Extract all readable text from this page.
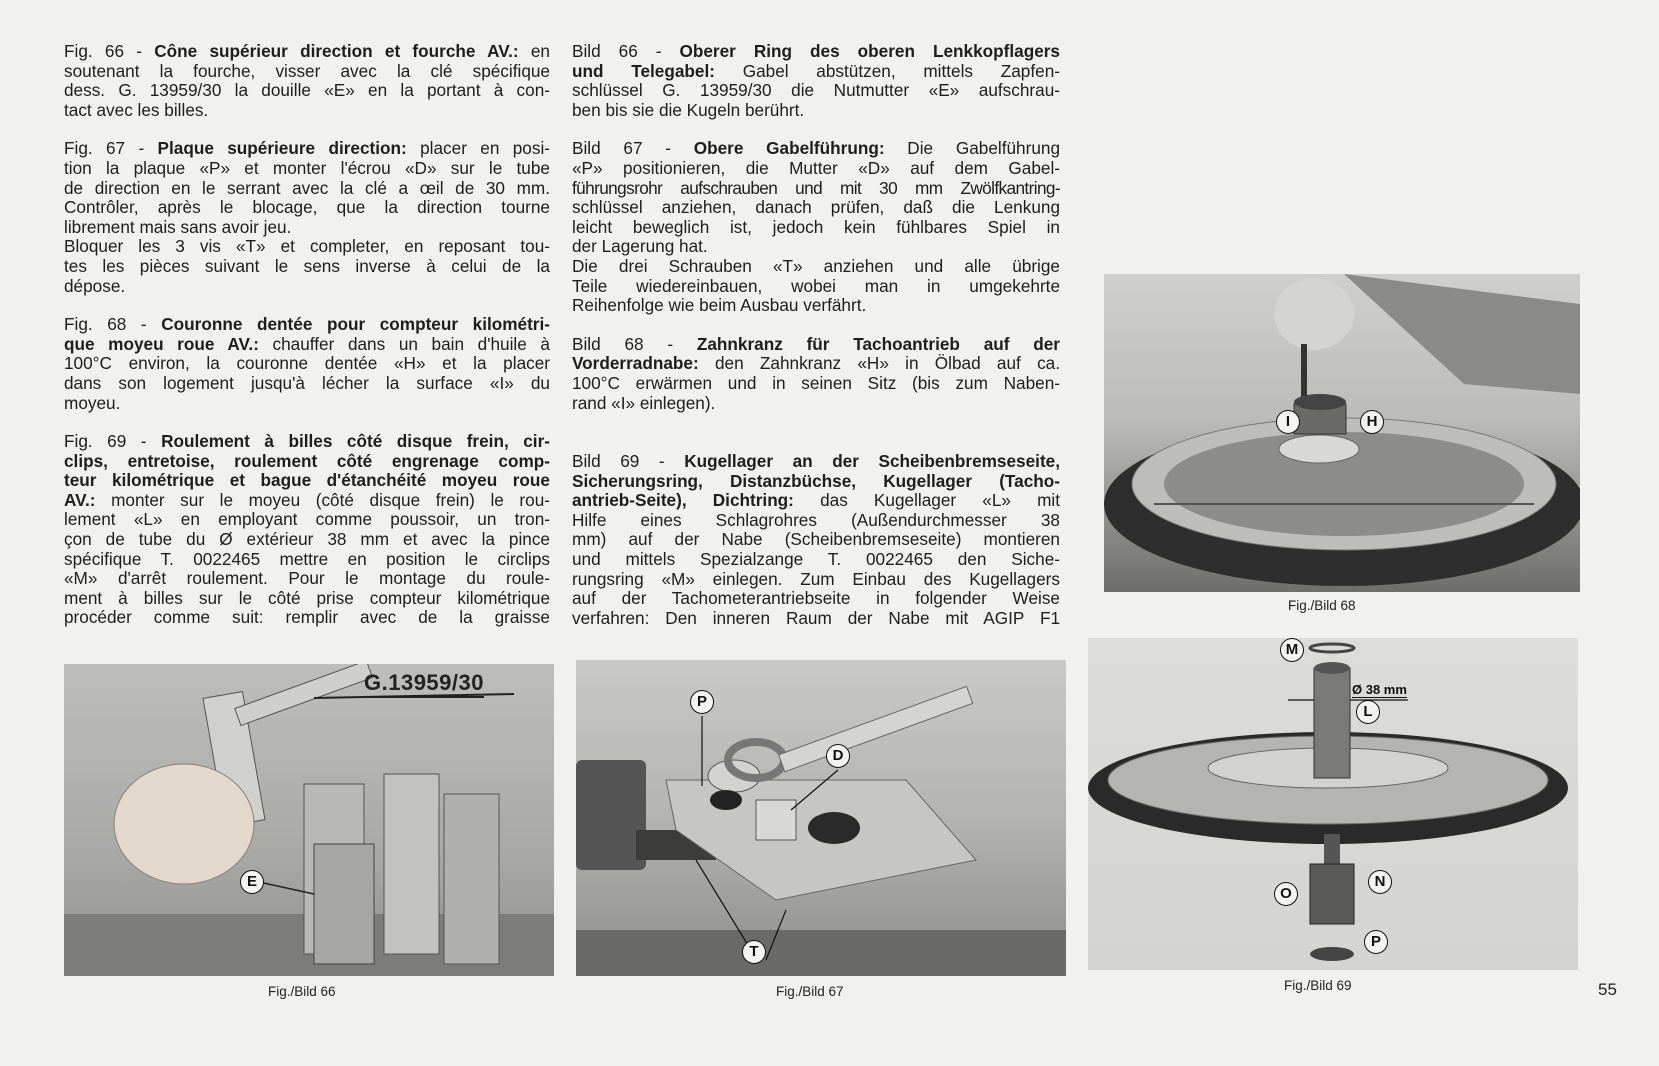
Fig. 66 - Cône supérieur direction et fourche AV.: en
soutenant la fourche, visser avec la clé spécifique
dess. G. 13959/30 la douille «E» en la portant à con-
tact avec les billes.

Fig. 67 - Plaque supérieure direction: placer en posi-
tion la plaque «P» et monter l'écrou «D» sur le tube
de direction en le serrant avec la clé a œil de 30 mm.
Contrôler, après le blocage, que la direction tourne
librement mais sans avoir jeu.
Bloquer les 3 vis «T» et completer, en reposant tou-
tes les pièces suivant le sens inverse à celui de la
dépose.

Fig. 68 - Couronne dentée pour compteur kilométri-
que moyeu roue AV.: chauffer dans un bain d'huile à
100°C environ, la couronne dentée «H» et la placer
dans son logement jusqu'à lécher la surface «I» du
moyeu.

Fig. 69 - Roulement à billes côté disque frein, cir-
clips, entretoise, roulement côté engrenage comp-
teur kilométrique et bague d'étanchéité moyeu roue
AV.: monter sur le moyeu (côté disque frein) le rou-
lement «L» en employant comme poussoir, un tron-
çon de tube du Ø extérieur 38 mm et avec la pince
spécifique T. 0022465 mettre en position le circlips
«M» d'arrêt roulement. Pour le montage du roule-
ment à billes sur le côté prise compteur kilométrique
procéder comme suit: remplir avec de la graisse

Bild 66 - Oberer Ring des oberen Lenkkopflagers
und Telegabel: Gabel abstützen, mittels Zapfen-
schlüssel G. 13959/30 die Nutmutter «E» aufschrau-
ben bis sie die Kugeln berührt.

Bild 67 - Obere Gabelführung: Die Gabelführung
«P» positionieren, die Mutter «D» auf dem Gabel-
führungsrohr aufschrauben und mit 30 mm Zwölfkantring-
schlüssel anziehen, danach prüfen, daß die Lenkung
leicht beweglich ist, jedoch kein fühlbares Spiel in
der Lagerung hat.
Die drei Schrauben «T» anziehen und alle übrige
Teile wiedereinbauen, wobei man in umgekehrte
Reihenfolge wie beim Ausbau verfährt.

Bild 68 - Zahnkranz für Tachoantrieb auf der
Vorderradnabe: den Zahnkranz «H» in Ölbad auf ca.
100°C erwärmen und in seinen Sitz (bis zum Naben-
rand «I» einlegen).

Bild 69 - Kugellager an der Scheibenbremseseite,
Sicherungsring, Distanzbüchse, Kugellager (Tacho-
antrieb-Seite), Dichtring: das Kugellager «L» mit
Hilfe eines Schlagrohres (Außendurchmesser 38
mm) auf der Nabe (Scheibenbremseseite) montieren
und mittels Spezialzange T. 0022465 den Siche-
rungsring «M» einlegen. Zum Einbau des Kugellagers
auf der Tachometerantriebseite in folgender Weise
verfahren: Den inneren Raum der Nabe mit AGIP F1

G.13959/30
E
Fig./Bild 66
P
D
T
Fig./Bild 67
I	H
Fig./Bild 68
M
Ø 38 mm
L
N
O
P
Fig./Bild 69	55
